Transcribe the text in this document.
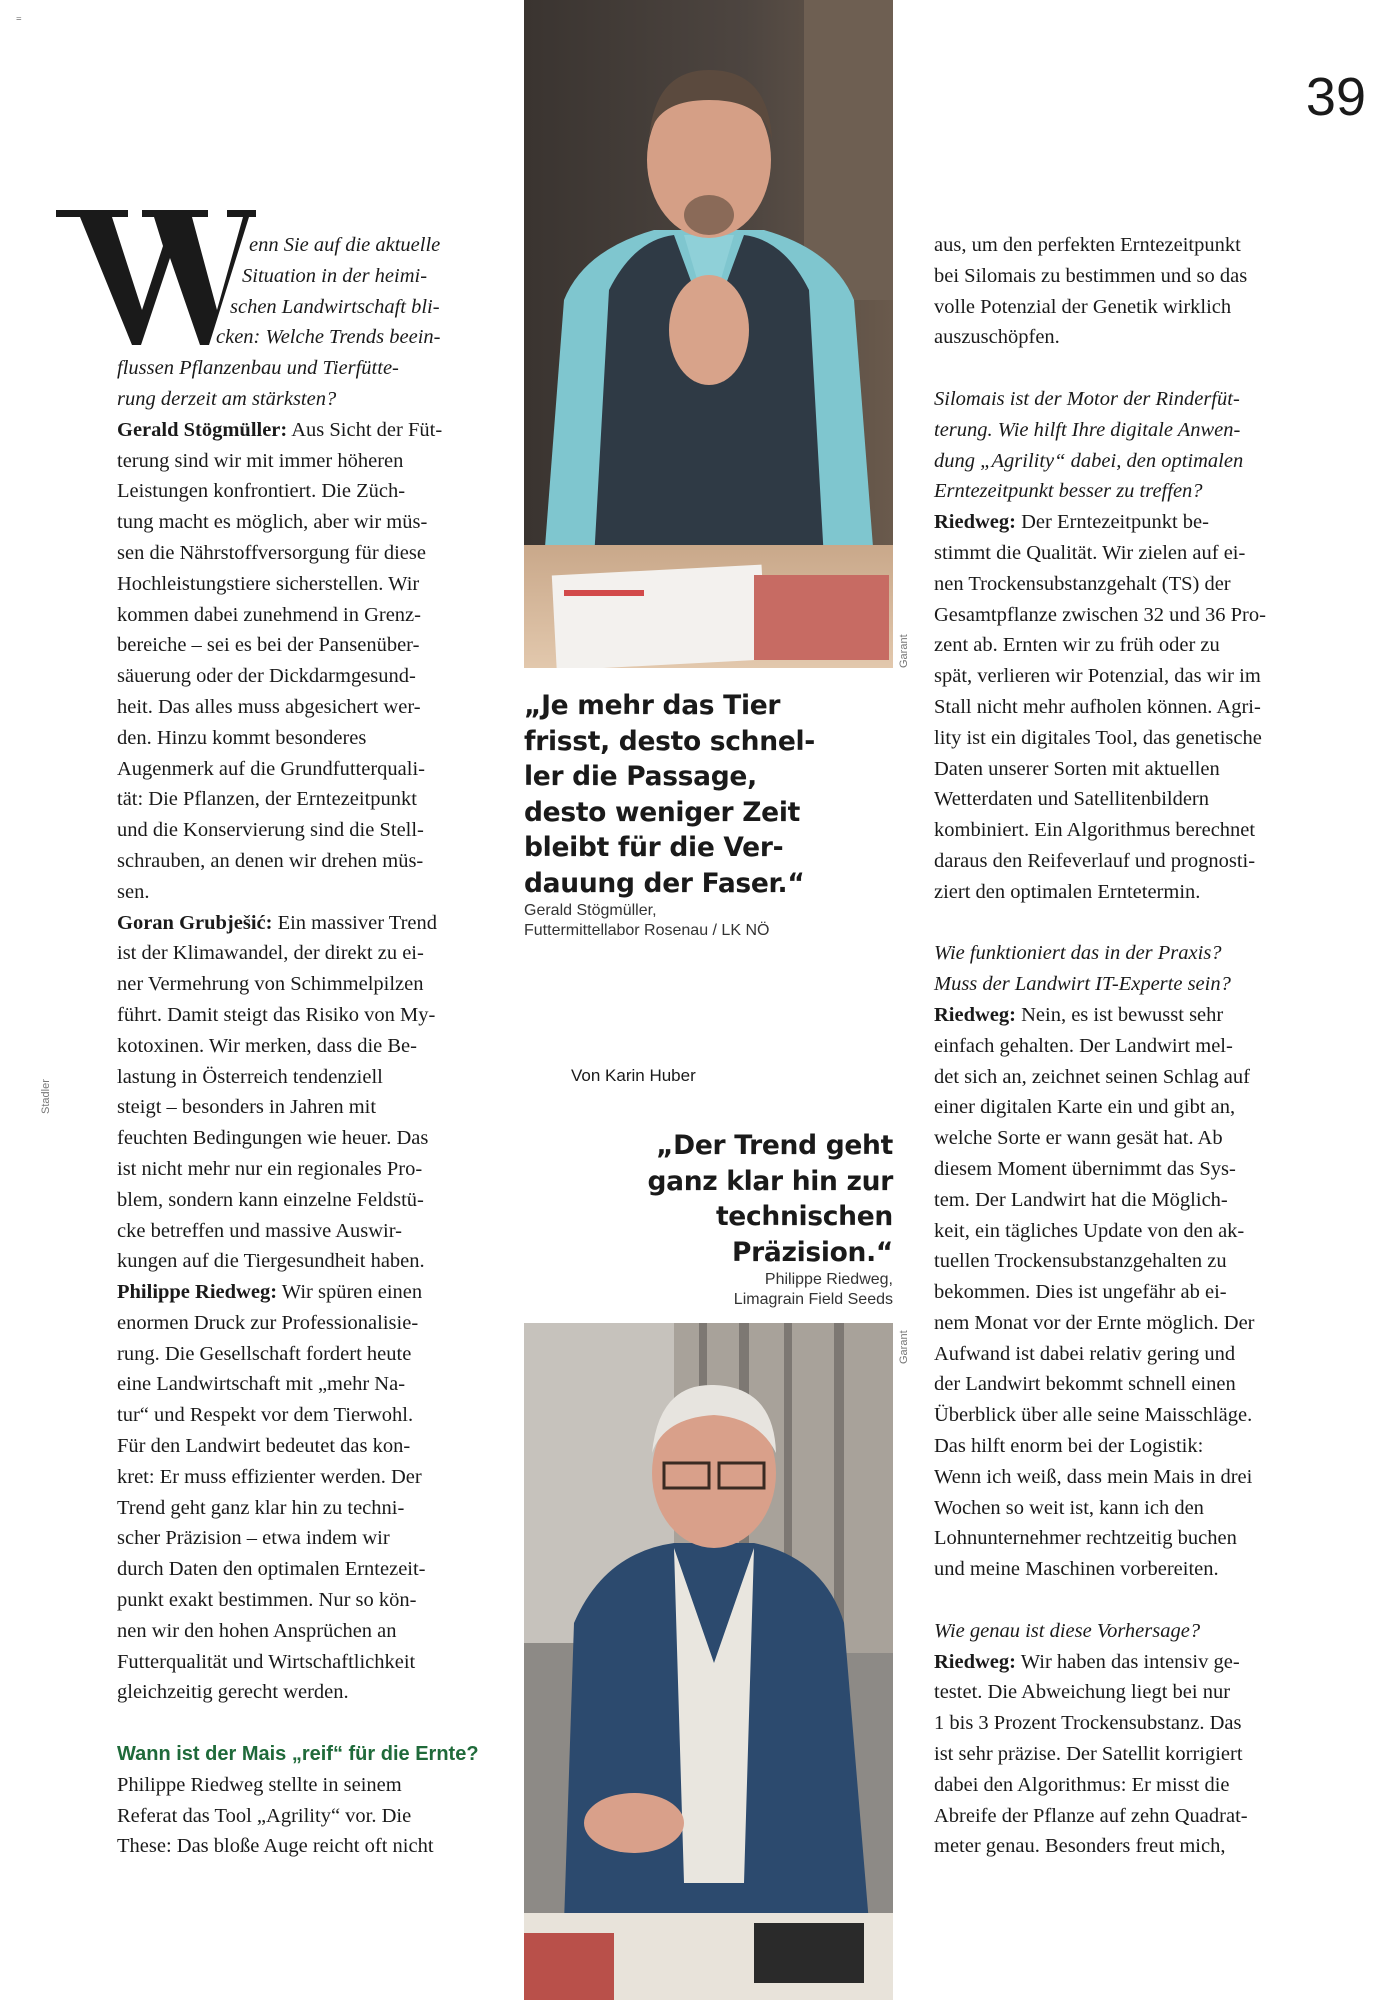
=
39
Stadler
Garant
Garant
enn Sie auf die aktuelle
Situation in der heimi-
schen Landwirtschaft bli-
cken: Welche Trends beein-
flussen Pflanzenbau und Tierfütte-
rung derzeit am stärksten?
Gerald Stögmüller: Aus Sicht der Füt-
terung sind wir mit immer höheren
Leistungen konfrontiert. Die Züch-
tung macht es möglich, aber wir müs-
sen die Nährstoffversorgung für diese
Hochleistungstiere sicherstellen. Wir
kommen dabei zunehmend in Grenz-
bereiche – sei es bei der Pansenüber-
säuerung oder der Dickdarmgesund-
heit. Das alles muss abgesichert wer-
den. Hinzu kommt besonderes
Augenmerk auf die Grundfutterquali-
tät: Die Pflanzen, der Erntezeitpunkt
und die Konservierung sind die Stell-
schrauben, an denen wir drehen müs-
sen.
Goran Grubješić: Ein massiver Trend
ist der Klimawandel, der direkt zu ei-
ner Vermehrung von Schimmelpilzen
führt. Damit steigt das Risiko von My-
kotoxinen. Wir merken, dass die Be-
lastung in Österreich tendenziell
steigt – besonders in Jahren mit
feuchten Bedingungen wie heuer. Das
ist nicht mehr nur ein regionales Pro-
blem, sondern kann einzelne Feldstü-
cke betreffen und massive Auswir-
kungen auf die Tiergesundheit haben.
Philippe Riedweg: Wir spüren einen
enormen Druck zur Professionalisie-
rung. Die Gesellschaft fordert heute
eine Landwirtschaft mit „mehr Na-
tur“ und Respekt vor dem Tierwohl.
Für den Landwirt bedeutet das kon-
kret: Er muss effizienter werden. Der
Trend geht ganz klar hin zu techni-
scher Präzision – etwa indem wir
durch Daten den optimalen Erntezeit-
punkt exakt bestimmen. Nur so kön-
nen wir den hohen Ansprüchen an
Futterqualität und Wirtschaftlichkeit
gleichzeitig gerecht werden.
Wann ist der Mais „reif“ für die Ernte?
Philippe Riedweg stellte in seinem
Referat das Tool „Agrility“ vor. Die
These: Das bloße Auge reicht oft nicht
aus, um den perfekten Erntezeitpunkt
bei Silomais zu bestimmen und so das
volle Potenzial der Genetik wirklich
auszuschöpfen.
Silomais ist der Motor der Rinderfüt-
terung. Wie hilft Ihre digitale Anwen-
dung „Agrility“ dabei, den optimalen
Erntezeitpunkt besser zu treffen?
Riedweg: Der Erntezeitpunkt be-
stimmt die Qualität. Wir zielen auf ei-
nen Trockensubstanzgehalt (TS) der
Gesamtpflanze zwischen 32 und 36 Pro-
zent ab. Ernten wir zu früh oder zu
spät, verlieren wir Potenzial, das wir im
Stall nicht mehr aufholen können. Agri-
lity ist ein digitales Tool, das genetische
Daten unserer Sorten mit aktuellen
Wetterdaten und Satellitenbildern
kombiniert. Ein Algorithmus berechnet
daraus den Reifeverlauf und prognosti-
ziert den optimalen Erntetermin.
Wie funktioniert das in der Praxis?
Muss der Landwirt IT-Experte sein?
Riedweg: Nein, es ist bewusst sehr
einfach gehalten. Der Landwirt mel-
det sich an, zeichnet seinen Schlag auf
einer digitalen Karte ein und gibt an,
welche Sorte er wann gesät hat. Ab
diesem Moment übernimmt das Sys-
tem. Der Landwirt hat die Möglich-
keit, ein tägliches Update von den ak-
tuellen Trockensubstanzgehalten zu
bekommen. Dies ist ungefähr ab ei-
nem Monat vor der Ernte möglich. Der
Aufwand ist dabei relativ gering und
der Landwirt bekommt schnell einen
Überblick über alle seine Maisschläge.
Das hilft enorm bei der Logistik:
Wenn ich weiß, dass mein Mais in drei
Wochen so weit ist, kann ich den
Lohnunternehmer rechtzeitig buchen
und meine Maschinen vorbereiten.
Wie genau ist diese Vorhersage?
Riedweg: Wir haben das intensiv ge-
testet. Die Abweichung liegt bei nur
1 bis 3 Prozent Trockensubstanz. Das
ist sehr präzise. Der Satellit korrigiert
dabei den Algorithmus: Er misst die
Abreife der Pflanze auf zehn Quadrat-
meter genau. Besonders freut mich,
„Je mehr das Tier
frisst, desto schnel-
ler die Passage,
desto weniger Zeit
bleibt für die Ver-
dauung der Faser.“
Gerald Stögmüller,
Futtermittellabor Rosenau / LK NÖ
Von Karin Huber
„Der Trend geht
ganz klar hin zur
technischen
Präzision.“
Philippe Riedweg,
Limagrain Field Seeds
